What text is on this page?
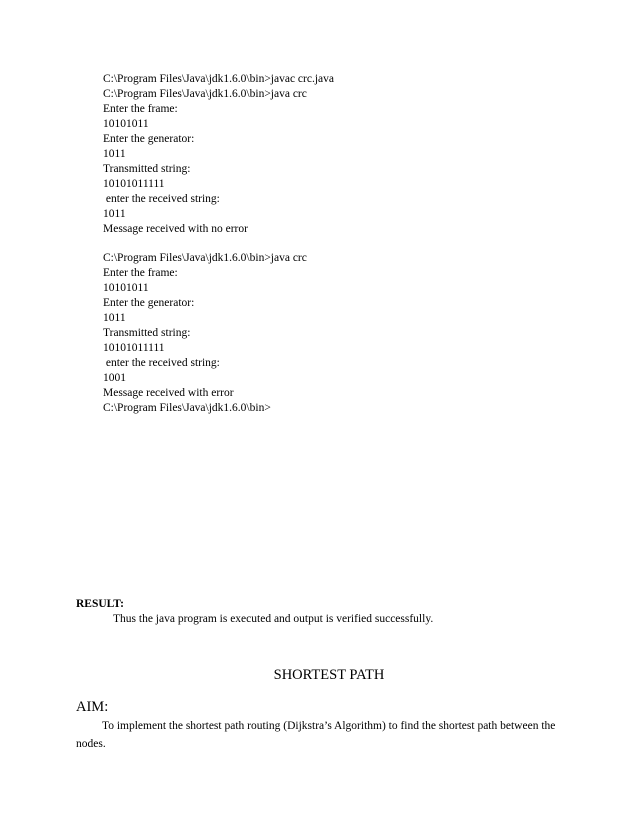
C:\Program Files\Java\jdk1.6.0\bin>javac crc.java
C:\Program Files\Java\jdk1.6.0\bin>java crc
Enter the frame:
10101011
Enter the generator:
1011
Transmitted string:
10101011111
enter the received string:
1011
Message received with no error
C:\Program Files\Java\jdk1.6.0\bin>java crc
Enter the frame:
10101011
Enter the generator:
1011
Transmitted string:
10101011111
enter the received string:
1001
Message received with error
C:\Program Files\Java\jdk1.6.0\bin>
RESULT:
Thus the java program is executed and output is verified successfully.
SHORTEST PATH
AIM:
To implement the shortest path routing (Dijkstra’s Algorithm) to find the shortest path between the nodes.
